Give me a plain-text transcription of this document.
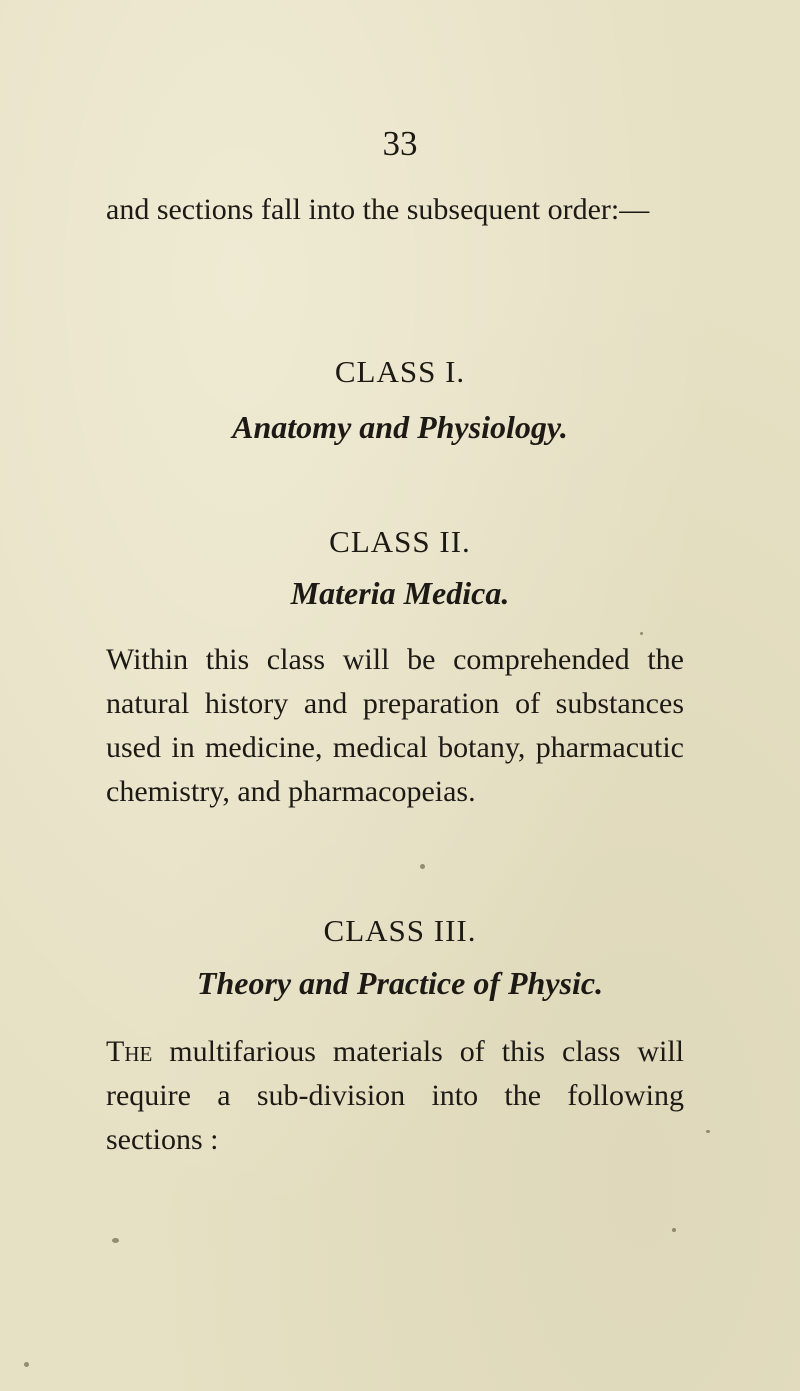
33

and sections fall into the subsequent order:—

CLASS I.
Anatomy and Physiology.
CLASS II.
Materia Medica.

Within this class will be comprehended the natural history and preparation of substances used in medicine, medical botany, pharmacutic chemistry, and pharmacopeias.

CLASS III.
Theory and Practice of Physic.

The multifarious materials of this class will require a sub-division into the following sections :
